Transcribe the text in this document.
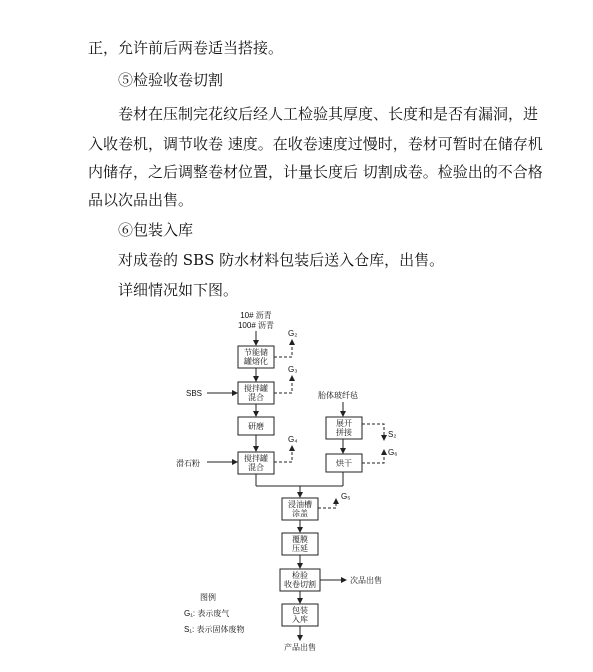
正，允许前后两卷适当搭接。
⑤检验收卷切割
卷材在压制完花纹后经人工检验其厚度、长度和是否有漏洞，进
入收卷机，调节收卷 速度。在收卷速度过慢时，卷材可暂时在储存机
内储存，之后调整卷材位置，计量长度后 切割成卷。检验出的不合格
品以次品出售。
⑥包装入库
对成卷的 SBS 防水材料包装后送入仓库，出售。
详细情况如下图。
10# 沥青
100# 沥青
节能储
罐熔化
G₂
SBS
搅拌罐
混合
G₃
研磨
滑石粉
搅拌罐
混合
G₄
胎体玻纤毡
展开
拼接	S₂
烘干
G₆
浸油槽
涂盖
G₅
覆膜
压延
检验
收卷切割	次品出售
包装
入库
产品出售
图例
G₁: 表示废气
S₁: 表示固体废物
